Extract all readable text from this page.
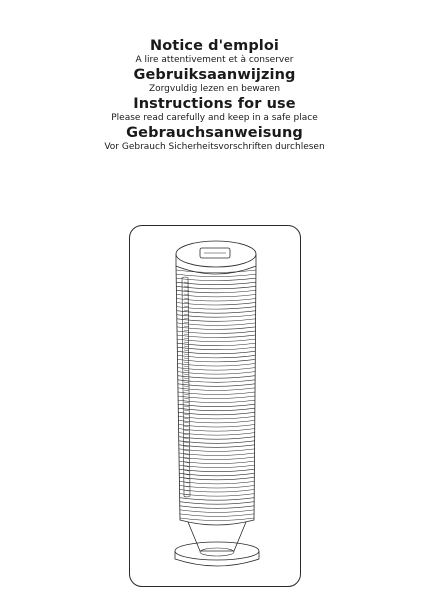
Notice d'emploi
A lire attentivement et à conserver
Gebruiksaanwijzing
Zorgvuldig lezen en bewaren
Instructions for use
Please read carefully and keep in a safe place
Gebrauchsanweisung
Vor Gebrauch Sicherheitsvorschriften durchlesen
